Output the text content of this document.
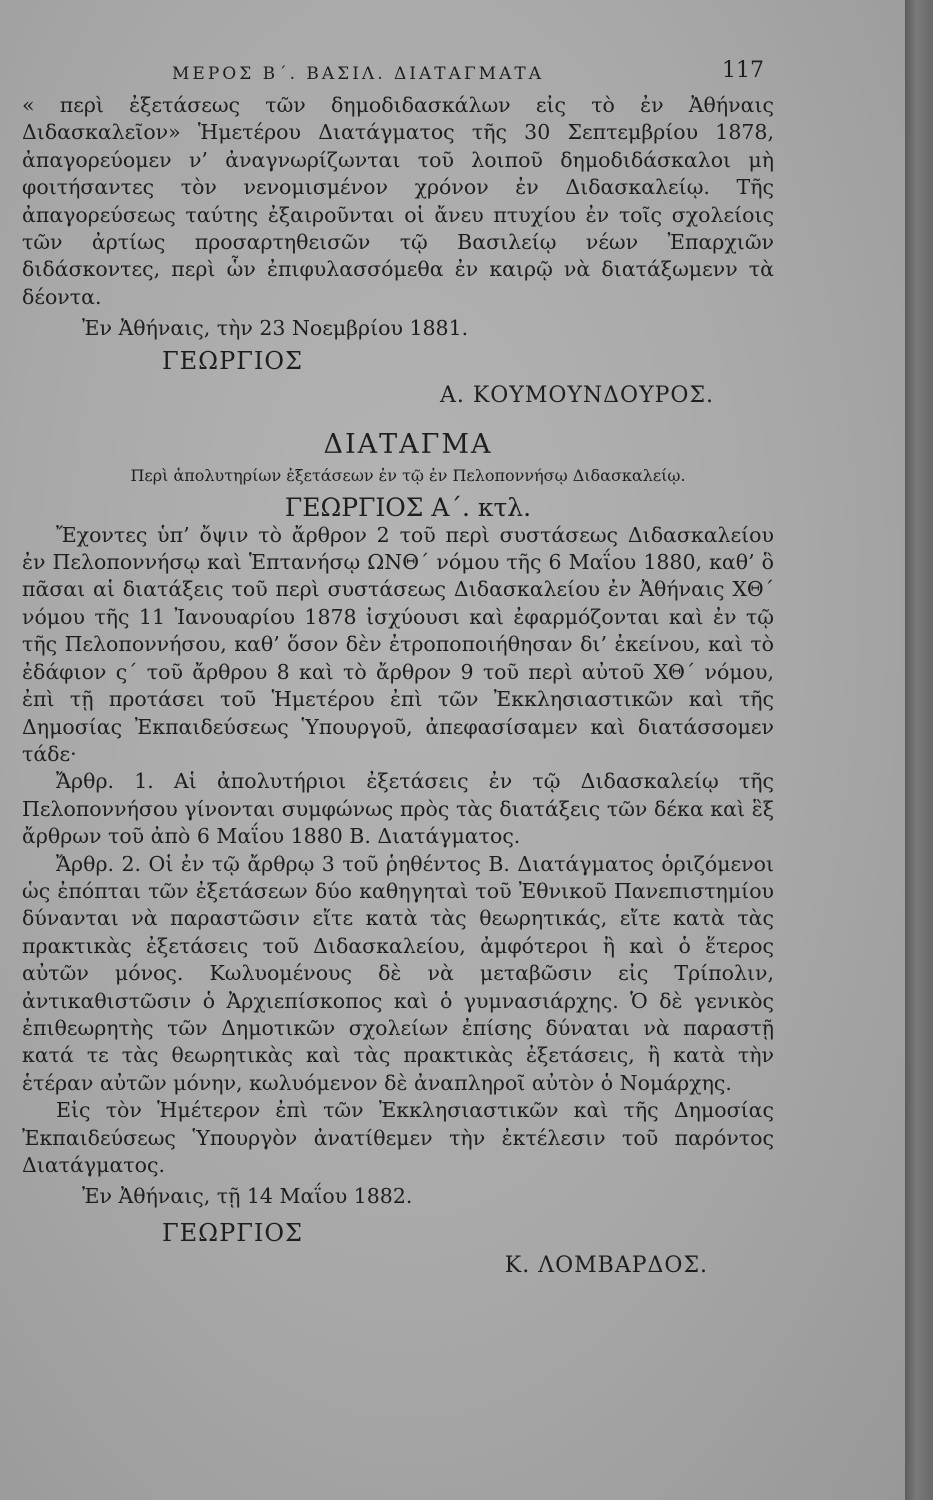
ΜΕΡΟΣ Β΄. ΒΑΣΙΛ. ΔΙΑΤΑΓΜΑΤΑ	117

« περὶ ἐξετάσεως τῶν δημοδιδασκάλων εἰς τὸ ἐν Ἀθήναις Διδασκαλεῖον» Ἡμετέρου Διατάγματος τῆς 30 Σεπτεμβρίου 1878, ἀπαγορεύομεν ν’ ἀναγνωρίζωνται τοῦ λοιποῦ δημοδιδάσκαλοι μὴ φοιτήσαντες τὸν νενομισμένον χρόνον ἐν Διδασκαλείῳ. Τῆς ἀπαγορεύσεως ταύτης ἐξαιροῦνται οἱ ἄνευ πτυχίου ἐν τοῖς σχολείοις τῶν ἀρτίως προσαρτηθεισῶν τῷ Βασιλείῳ νέων Ἐπαρχιῶν διδάσκοντες, περὶ ὧν ἐπιφυλασσόμεθα ἐν καιρῷ νὰ διατάξωμενν τὰ δέοντα.

Ἐν Ἀθήναις, τὴν 23 Νοεμβρίου 1881.

ΓΕΩΡΓΙΟΣ
Α. ΚΟΥΜΟΥΝΔΟΥΡΟΣ.
ΔΙΑΤΑΓΜΑ
Περὶ ἀπολυτηρίων ἐξετάσεων ἐν τῷ ἐν Πελοποννήσῳ Διδασκαλείῳ.
ΓΕΩΡΓΙΟΣ Α΄. κτλ.

Ἔχοντες ὑπ’ ὄψιν τὸ ἄρθρον 2 τοῦ περὶ συστάσεως Διδασκαλείου ἐν Πελοποννήσῳ καὶ Ἑπτανήσῳ ΩΝΘ΄ νόμου τῆς 6 Μαΐου 1880, καθ’ ὃ πᾶσαι αἱ διατάξεις τοῦ περὶ συστάσεως Διδασκαλείου ἐν Ἀθήναις ΧΘ΄ νόμου τῆς 11 Ἰανουαρίου 1878 ἰσχύουσι καὶ ἐφαρμόζονται καὶ ἐν τῷ τῆς Πελοποννήσου, καθ’ ὅσον δὲν ἐτροποποιήθησαν δι’ ἐκείνου, καὶ τὸ ἐδάφιον ς΄ τοῦ ἄρθρου 8 καὶ τὸ ἄρθρον 9 τοῦ περὶ αὐτοῦ ΧΘ΄ νόμου, ἐπὶ τῇ προτάσει τοῦ Ἡμετέρου ἐπὶ τῶν Ἐκκλησιαστικῶν καὶ τῆς Δημοσίας Ἐκπαιδεύσεως Ὑπουργοῦ, ἀπεφασίσαμεν καὶ διατάσσομεν τάδε·

Ἄρθρ. 1. Αἱ ἀπολυτήριοι ἐξετάσεις ἐν τῷ Διδασκαλείῳ τῆς Πελοποννήσου γίνονται συμφώνως πρὸς τὰς διατάξεις τῶν δέκα καὶ ἓξ ἄρθρων τοῦ ἀπὸ 6 Μαΐου 1880 Β. Διατάγματος.

Ἄρθρ. 2. Οἱ ἐν τῷ ἄρθρῳ 3 τοῦ ῥηθέντος Β. Διατάγματος ὁριζόμενοι ὡς ἐπόπται τῶν ἐξετάσεων δύο καθηγηταὶ τοῦ Ἐθνικοῦ Πανεπιστημίου δύνανται νὰ παραστῶσιν εἴτε κατὰ τὰς θεωρητικάς, εἴτε κατὰ τὰς πρακτικὰς ἐξετάσεις τοῦ Διδασκαλείου, ἀμφότεροι ἢ καὶ ὁ ἕτερος αὐτῶν μόνος. Κωλυομένους δὲ νὰ μεταβῶσιν εἰς Τρίπολιν, ἀντικαθιστῶσιν ὁ Ἀρχιεπίσκοπος καὶ ὁ γυμνασιάρχης. Ὁ δὲ γενικὸς ἐπιθεωρητὴς τῶν Δημοτικῶν σχολείων ἐπίσης δύναται νὰ παραστῇ κατά τε τὰς θεωρητικὰς καὶ τὰς πρακτικὰς ἐξετάσεις, ἢ κατὰ τὴν ἑτέραν αὐτῶν μόνην, κωλυόμενον δὲ ἀναπληροῖ αὐτὸν ὁ Νομάρχης.

Εἰς τὸν Ἡμέτερον ἐπὶ τῶν Ἐκκλησιαστικῶν καὶ τῆς Δημοσίας Ἐκπαιδεύσεως Ὑπουργὸν ἀνατίθεμεν τὴν ἐκτέλεσιν τοῦ παρόντος Διατάγματος.

Ἐν Ἀθήναις, τῇ 14 Μαΐου 1882.

ΓΕΩΡΓΙΟΣ
Κ. ΛΟΜΒΑΡΔΟΣ.
